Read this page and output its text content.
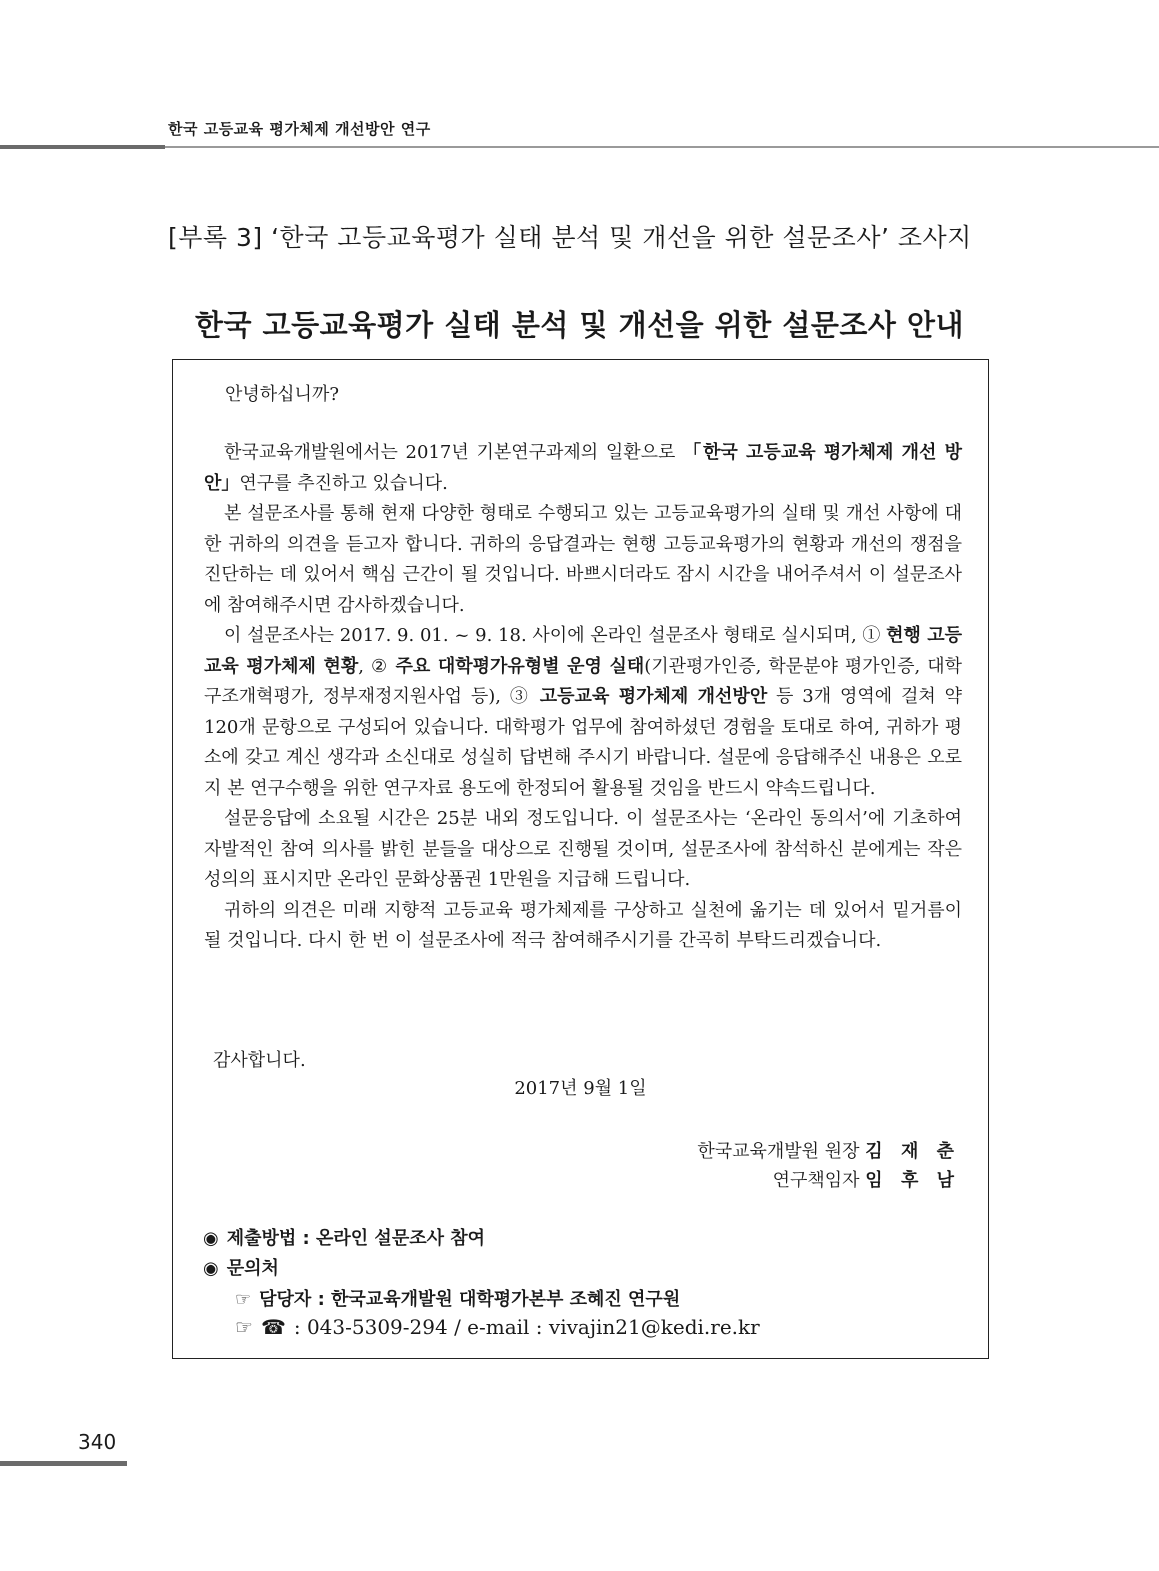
한국 고등교육 평가체제 개선방안 연구
[부록 3] ‘한국 고등교육평가 실태 분석 및 개선을 위한 설문조사’ 조사지
한국 고등교육평가 실태 분석 및 개선을 위한 설문조사 안내
안녕하십니까?

한국교육개발원에서는 2017년 기본연구과제의 일환으로 「한국 고등교육 평가체제 개선 방안」연구를 추진하고 있습니다.

본 설문조사를 통해 현재 다양한 형태로 수행되고 있는 고등교육평가의 실태 및 개선 사항에 대한 귀하의 의견을 듣고자 합니다. 귀하의 응답결과는 현행 고등교육평가의 현황과 개선의 쟁점을 진단하는 데 있어서 핵심 근간이 될 것입니다. 바쁘시더라도 잠시 시간을 내어주셔서 이 설문조사에 참여해주시면 감사하겠습니다.

이 설문조사는 2017. 9. 01. ~ 9. 18. 사이에 온라인 설문조사 형태로 실시되며, ① 현행 고등교육 평가체제 현황, ② 주요 대학평가유형별 운영 실태(기관평가인증, 학문분야 평가인증, 대학구조개혁평가, 정부재정지원사업 등), ③ 고등교육 평가체제 개선방안 등 3개 영역에 걸쳐 약 120개 문항으로 구성되어 있습니다. 대학평가 업무에 참여하셨던 경험을 토대로 하여, 귀하가 평소에 갖고 계신 생각과 소신대로 성실히 답변해 주시기 바랍니다. 설문에 응답해주신 내용은 오로지 본 연구수행을 위한 연구자료 용도에 한정되어 활용될 것임을 반드시 약속드립니다.

설문응답에 소요될 시간은 25분 내외 정도입니다. 이 설문조사는 ‘온라인 동의서’에 기초하여 자발적인 참여 의사를 밝힌 분들을 대상으로 진행될 것이며, 설문조사에 참석하신 분에게는 작은 성의의 표시지만 온라인 문화상품권 1만원을 지급해 드립니다.

귀하의 의견은 미래 지향적 고등교육 평가체제를 구상하고 실천에 옮기는 데 있어서 밑거름이 될 것입니다. 다시 한 번 이 설문조사에 적극 참여해주시기를 간곡히 부탁드리겠습니다.

감사합니다.
2017년 9월 1일
한국교육개발원 원장 김 재 춘
연구책임자 임 후 남
◉ 제출방법 : 온라인 설문조사 참여
◉ 문의처
☞ 담당자 : 한국교육개발원 대학평가본부 조혜진 연구원
☞ ☎ : 043-5309-294 / e-mail : vivajin21@kedi.re.kr
340
